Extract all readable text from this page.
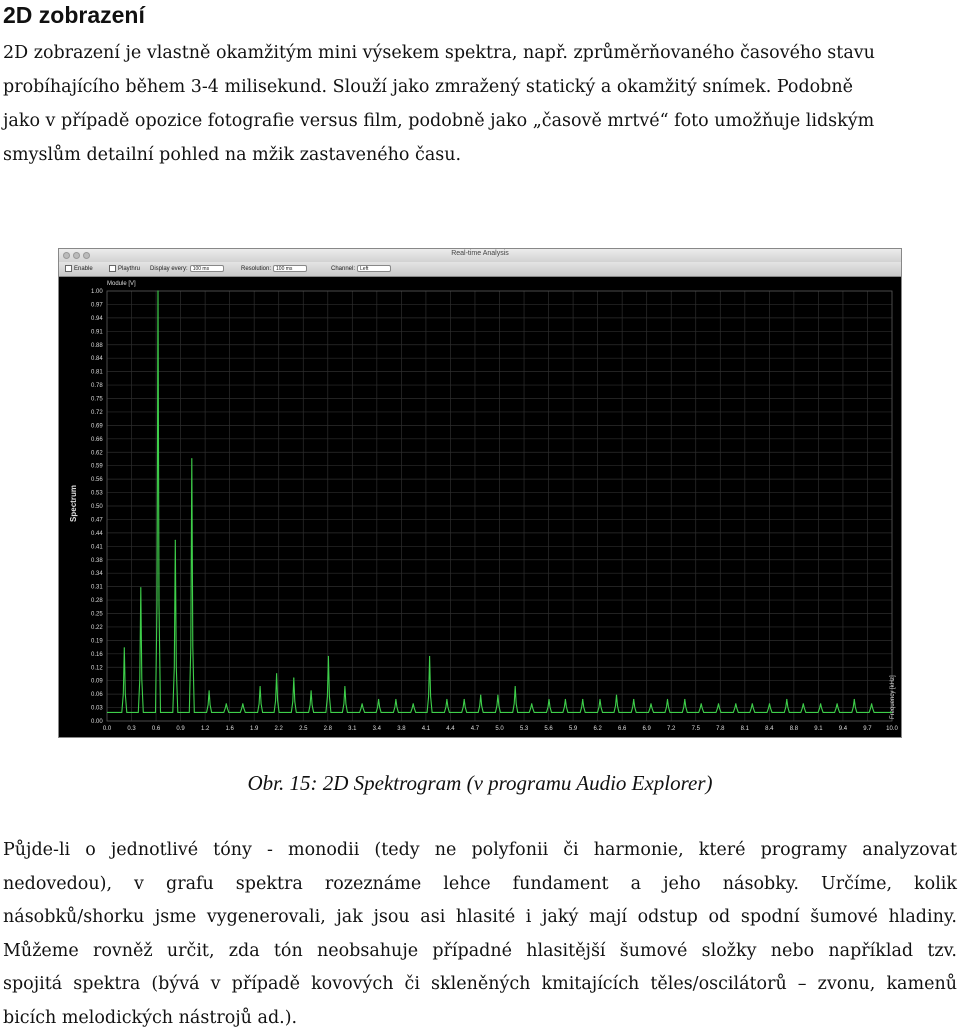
2D zobrazení

2D zobrazení je vlastně okamžitým mini výsekem spektra, např. zprůměrňovaného časového stavu
probíhajícího během 3-4 milisekund. Slouží jako zmražený statický a okamžitý snímek. Podobně
jako v případě opozice fotografie versus film, podobně jako „časově mrtvé“ foto umožňuje lidským
smyslům detailní pohled na mžik zastaveného času.

Real-time Analysis
Enable	Playthru Display every: 100 ms	Resolution: 100 ms	Channel: Left
Spectrum
1.00
0.97
0.94
0.91
0.88
0.84
0.81
0.78
0.75
0.72
0.69
0.66
0.62
0.59
0.56
0.53
0.50
0.47
0.44
0.41
0.38
0.34
0.31
0.28
0.25
0.22
0.19
0.16
0.12
0.09
0.06
0.03
0.00
0.0	0.3	0.6	0.9	1.2	1.6	1.9	2.2	2.5	2.8	3.1	3.4	3.8	4.1	4.4	4.7	5.0	5.3	5.6	5.9	6.2	6.6	6.9	7.2	7.5	7.8	8.1	8.4	8.8	9.1	9.4	9.7 10.0
Module [V]
Frequency [kHz]
Obr. 15: 2D Spektrogram (v programu Audio Explorer)

Půjde-li o jednotlivé tóny - monodii (tedy ne polyfonii či harmonie, které programy analyzovat
nedovedou), v grafu spektra rozeznáme lehce fundament a jeho násobky. Určíme, kolik
násobků/shorku jsme vygenerovali, jak jsou asi hlasité i jaký mají odstup od spodní šumové hladiny.
Můžeme rovněž určit, zda tón neobsahuje případné hlasitější šumové složky nebo například tzv.
spojitá spektra (bývá v případě kovových či skleněných kmitajících těles/oscilátorů – zvonu, kamenů
bicích melodických nástrojů ad.).
